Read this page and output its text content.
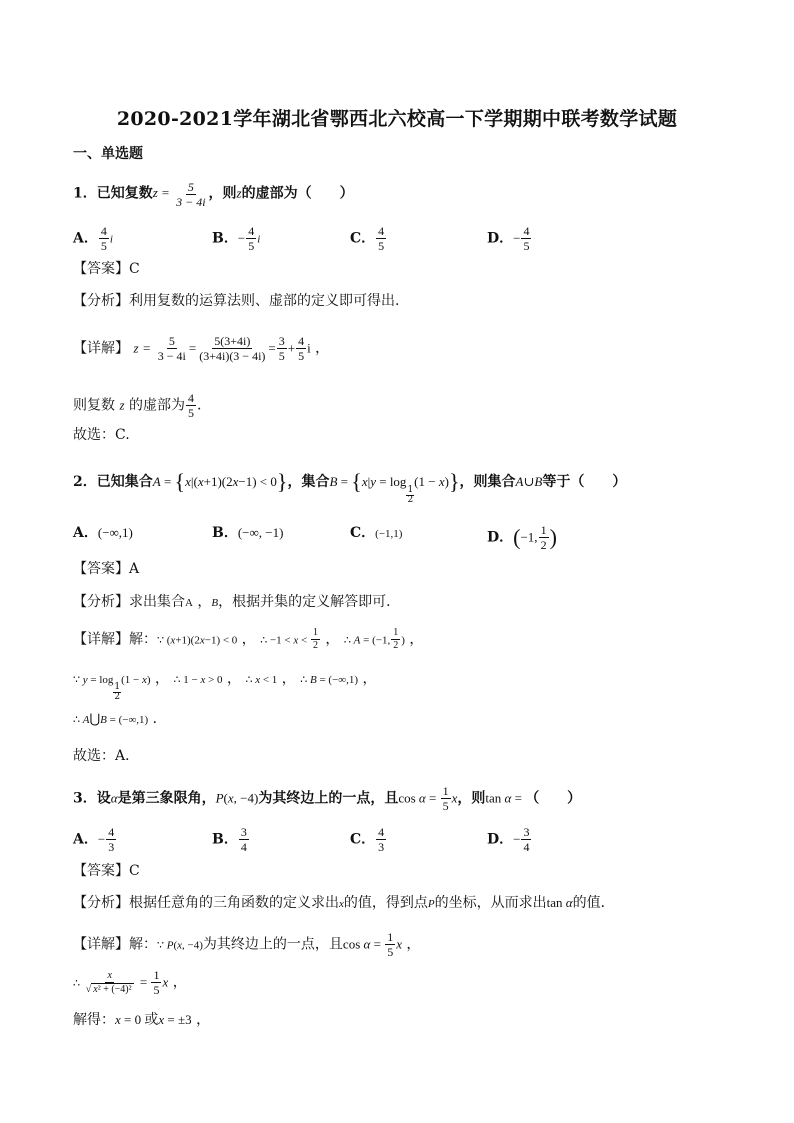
2020-2021学年湖北省鄂西北六校高一下学期期中联考数学试题
一、单选题
1．已知复数$z = \frac{5}{3 - 4i}$ ，则z的虚部为（　　）
A． $\frac{4}{5}$ i	B．− $\frac{4}{5}$ i	C． $\frac{4}{5}$	D．− $\frac{4}{5}$
【答案】C
【分析】利用复数的运算法则、虚部的定义即可得出.
【详解】 $z = \frac{5}{3 - 4i} = \frac{5(3+4i)}{(3+4i)(3 - 4i)} = \frac{3}{5} + \frac{4}{5}$ i ，
则复数 z 的虚部为 $\frac{4}{5}$ .
故选：C.
2．已知集合A = {x|(x+1)(2x−1) < 0}，集合B = {x|y = log
$\frac{1}{2}$
(1 − x)}，则集合A∪B等于（　　）
A．(−∞,1)	B．(−∞, −1)	C．(−1,1)	D．(−1, $\frac{1}{2}$ )
【答案】A
【分析】求出集合A ，B，根据并集的定义解答即可．
【详解】解：∵ (x+1)(2x−1) < 0 ， ∴ $-1 < x < \frac{1}{2}$ ， ∴ A = (−1, $\frac{1}{2}$ ) ，
∵ y = log
$\frac{1}{2}$
(1 − x) ， ∴ 1 − x > 0 ， ∴ x < 1 ， ∴ B = (−∞,1) ，
∴ A⋃B = (−∞,1) ．
故选：A．
3．设α是第三象限角，P(x, −4)为其终边上的一点，且$\cos \alpha = \frac{1}{5}$ x，则tan α = （　　）
A．− $\frac{4}{3}$	B． $\frac{3}{4}$	C． $\frac{4}{3}$	D．− $\frac{3}{4}$
【答案】C
【分析】根据任意角的三角函数的定义求出x的值，得到点P的坐标，从而求出tan α的值．
【详解】解：∵ P(x, −4)为其终边上的一点，且$\cos \alpha = \frac{1}{5}$ x ，
∴ $\frac{x}{\text{√ x² + (−4)²}} = \frac{1}{5}$ x ，
解得：x = 0 或x = ±3 ，
